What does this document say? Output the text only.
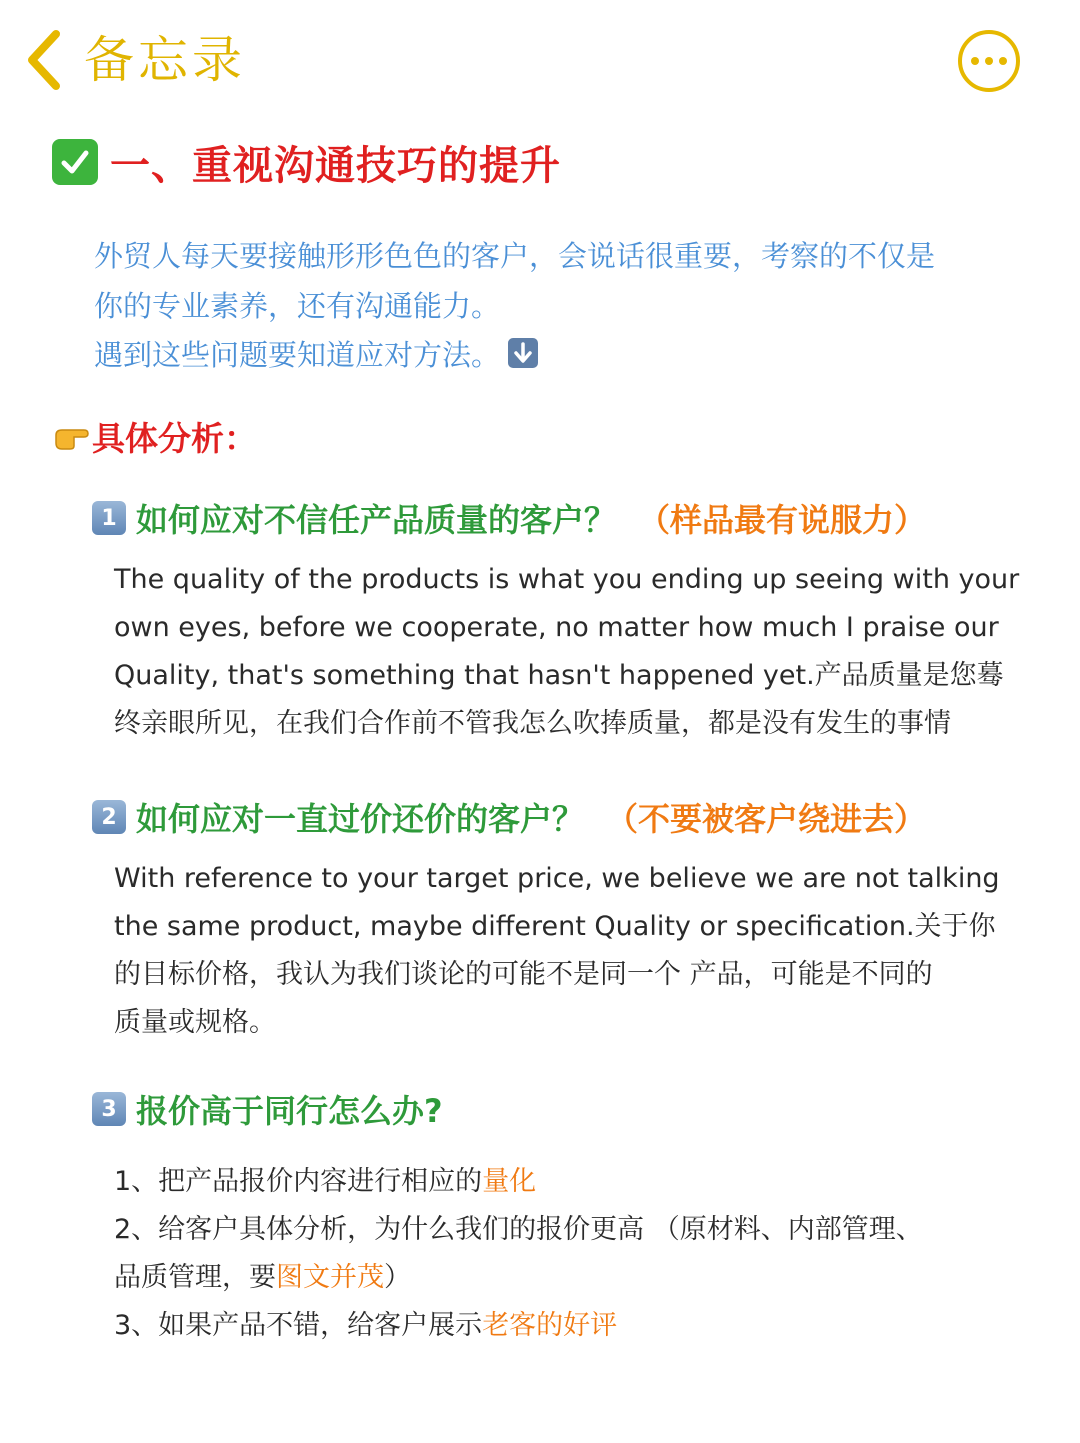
备忘录
一、重视沟通技巧的提升

外贸人每天要接触形形色色的客户，会说话很重要，考察的不仅是

你的专业素养，还有沟通能力。

遇到这些问题要知道应对方法。

具体分析：
1 如何应对不信任产品质量的客户？ （样品最有说服力）

The quality of the products is what you ending up seeing with your

own eyes, before we cooperate, no matter how much I praise our

Quality, that's something that hasn't happened yet.产品质量是您蓦

终亲眼所见，在我们合作前不管我怎么吹捧质量，都是没有发生的事情

2 如何应对一直过价还价的客户？ （不要被客户绕进去）

With reference to your target price, we believe we are not talking

the same product, maybe different Quality or specification.关于你

的目标价格，我认为我们谈论的可能不是同一个 产品，可能是不同的

质量或规格。

3 报价高于同行怎么办?

1、把产品报价内容进行相应的量化

2、给客户具体分析，为什么我们的报价更高 （原材料、内部管理、

品质管理，要图文并茂）

3、如果产品不错，给客户展示老客的好评
